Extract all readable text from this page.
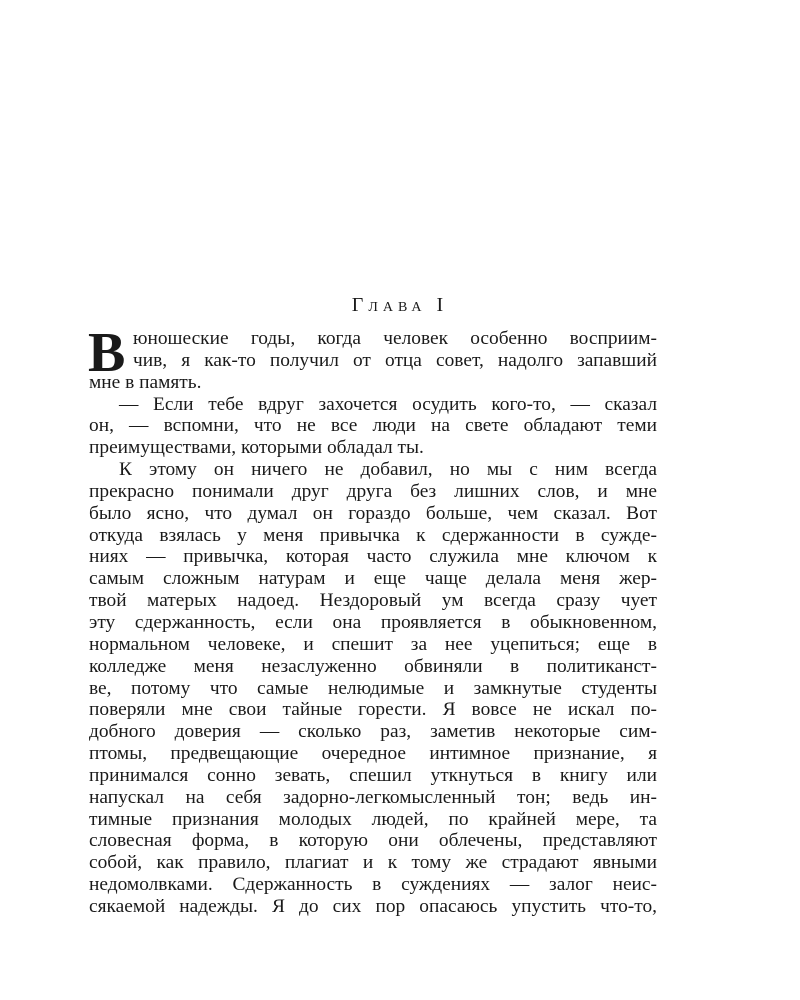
Глава I
В юношеские годы, когда человек особенно восприим-
чив, я как-то получил от отца совет, надолго запавший
мне в память.
— Если тебе вдруг захочется осудить кого-то, — сказал
он, — вспомни, что не все люди на свете обладают теми
преимуществами, которыми обладал ты.
К этому он ничего не добавил, но мы с ним всегда
прекрасно понимали друг друга без лишних слов, и мне
было ясно, что думал он гораздо больше, чем сказал. Вот
откуда взялась у меня привычка к сдержанности в сужде-
ниях — привычка, которая часто служила мне ключом к
самым сложным натурам и еще чаще делала меня жер-
твой матерых надоед. Нездоровый ум всегда сразу чует
эту сдержанность, если она проявляется в обыкновенном,
нормальном человеке, и спешит за нее уцепиться; еще в
колледже меня незаслуженно обвиняли в политиканст-
ве, потому что самые нелюдимые и замкнутые студенты
поверяли мне свои тайные горести. Я вовсе не искал по-
добного доверия — сколько раз, заметив некоторые сим-
птомы, предвещающие очередное интимное признание, я
принимался сонно зевать, спешил уткнуться в книгу или
напускал на себя задорно-легкомысленный тон; ведь ин-
тимные признания молодых людей, по крайней мере, та
словесная форма, в которую они облечены, представляют
собой, как правило, плагиат и к тому же страдают явными
недомолвками. Сдержанность в суждениях — залог неис-
сякаемой надежды. Я до сих пор опасаюсь упустить что-то,
